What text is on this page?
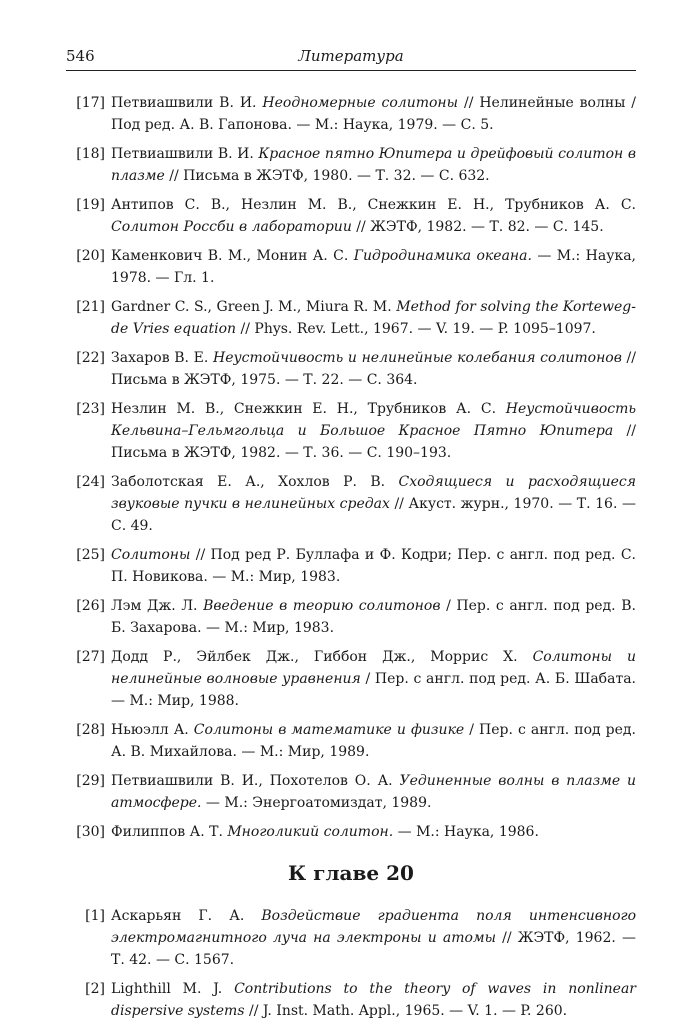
546	Литература
[17] Петвиашвили В. И. Неодномерные солитоны // Нелинейные волны / Под ред. А. В. Гапонова. — М.: Наука, 1979. — С. 5.
[18] Петвиашвили В. И. Красное пятно Юпитера и дрейфовый солитон в плазме // Письма в ЖЭТФ, 1980. — Т. 32. — С. 632.
[19] Антипов С. В., Незлин М. В., Снежкин Е. Н., Трубников А. С. Солитон Россби в лаборатории // ЖЭТФ, 1982. — Т. 82. — С. 145.
[20] Каменкович В. М., Монин А. С. Гидродинамика океана. — М.: Наука, 1978. — Гл. 1.
[21] Gardner C. S., Green J. M., Miura R. M. Method for solving the Korteweg-de Vries equation // Phys. Rev. Lett., 1967. — V. 19. — P. 1095–1097.
[22] Захаров В. Е. Неустойчивость и нелинейные колебания солитонов // Письма в ЖЭТФ, 1975. — Т. 22. — С. 364.
[23] Незлин М. В., Снежкин Е. Н., Трубников А. С. Неустойчивость Кельвина–Гельмгольца и Большое Красное Пятно Юпитера // Письма в ЖЭТФ, 1982. — Т. 36. — С. 190–193.
[24] Заболотская Е. А., Хохлов Р. В. Сходящиеся и расходящиеся звуковые пучки в нелинейных средах // Акуст. журн., 1970. — Т. 16. — С. 49.
[25] Солитоны // Под ред Р. Буллафа и Ф. Кодри; Пер. с англ. под ред. С. П. Новикова. — М.: Мир, 1983.
[26] Лэм Дж. Л. Введение в теорию солитонов / Пер. с англ. под ред. В. Б. Захарова. — М.: Мир, 1983.
[27] Додд Р., Эйлбек Дж., Гиббон Дж., Моррис Х. Солитоны и нелинейные волновые уравнения / Пер. с англ. под ред. А. Б. Шабата. — М.: Мир, 1988.
[28] Ньюэлл А. Солитоны в математике и физике / Пер. с англ. под ред. А. В. Михайлова. — М.: Мир, 1989.
[29] Петвиашвили В. И., Похотелов О. А. Уединенные волны в плазме и атмосфере. — М.: Энергоатомиздат, 1989.
[30] Филиппов А. Т. Многоликий солитон. — М.: Наука, 1986.
К главе 20
[1] Аскарьян Г. А. Воздействие градиента поля интенсивного электромагнитного луча на электроны и атомы // ЖЭТФ, 1962. — Т. 42. — С. 1567.
[2] Lighthill M. J. Contributions to the theory of waves in nonlinear dispersive systems // J. Inst. Math. Appl., 1965. — V. 1. — P. 260.
